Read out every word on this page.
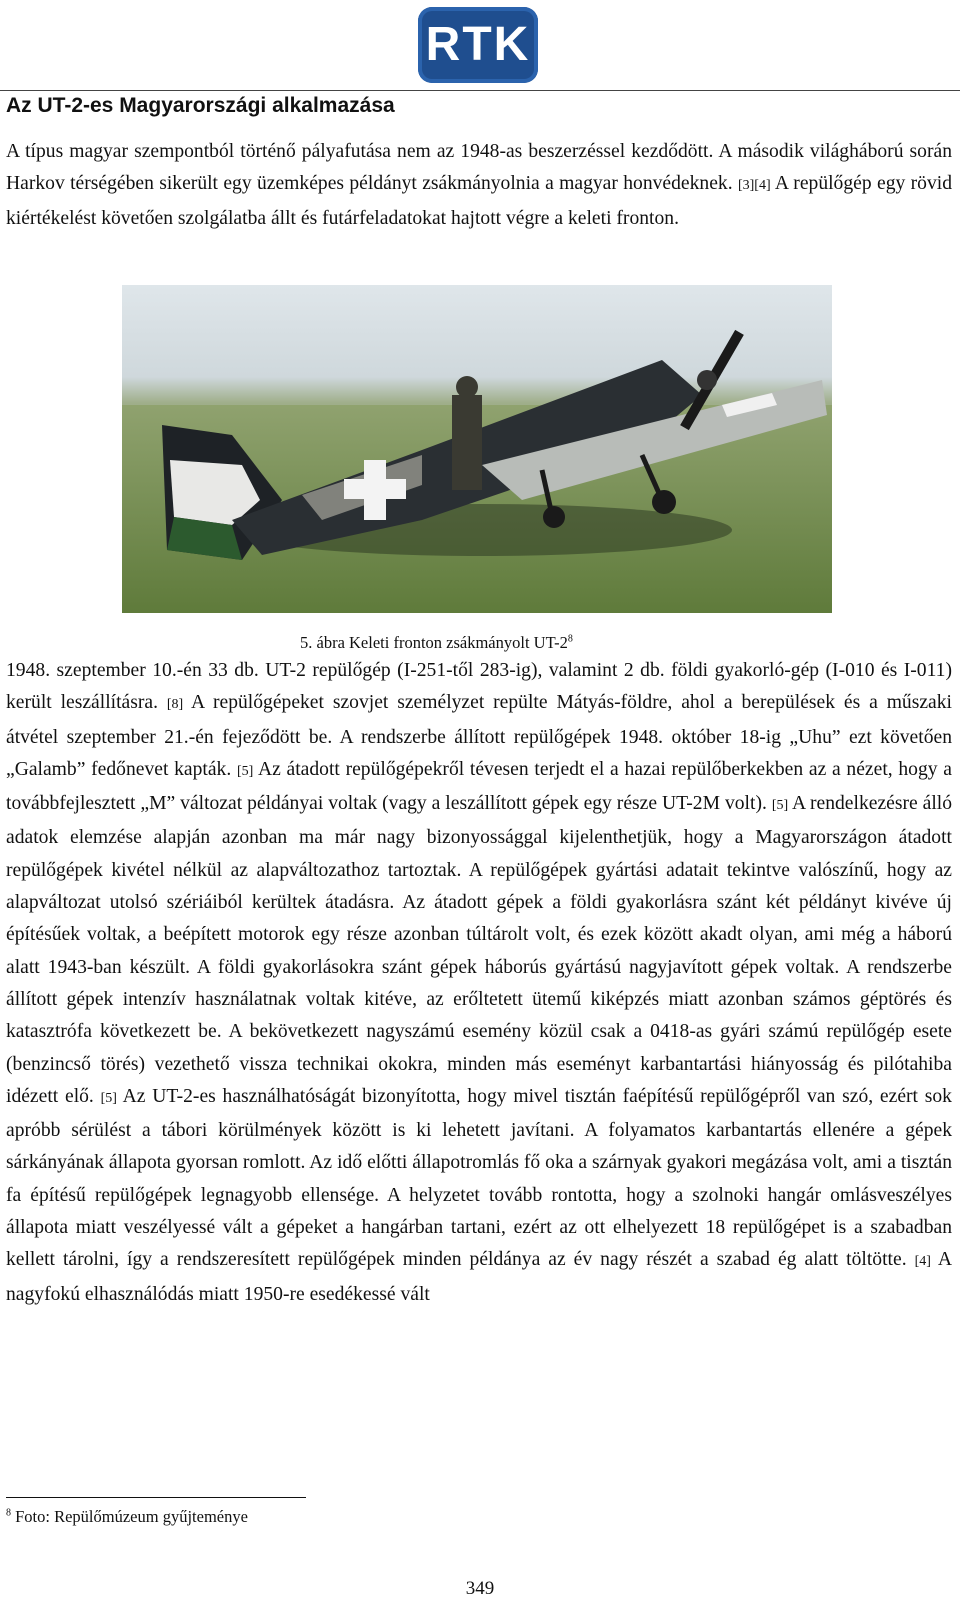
RTK
Az UT-2-es Magyarországi alkalmazása

A típus magyar szempontból történő pályafutása nem az 1948-as beszerzéssel kezdődött. A második világháború során Harkov térségében sikerült egy üzemképes példányt zsákmányolnia a magyar honvédeknek. [3][4] A repülőgép egy rövid kiértékelést követően szolgálatba állt és futárfeladatokat hajtott végre a keleti fronton.

5. ábra Keleti fronton zsákmányolt $UT-2^8$

1948. szeptember 10.-én 33 db. UT-2 repülőgép (I-251-től 283-ig), valamint 2 db. földi gyakorló-gép (I-010 és I-011) került leszállításra. [8] A repülőgépeket szovjet személyzet repülte Mátyás-földre, ahol a berepülések és a műszaki átvétel szeptember 21.-én fejeződött be. A rendszerbe állított repülőgépek 1948. október 18-ig „Uhu” ezt követően „Galamb” fedőnevet kapták. [5] Az átadott repülőgépekről tévesen terjedt el a hazai repülőberkekben az a nézet, hogy a továbbfejlesztett „M” változat példányai voltak (vagy a leszállított gépek egy része UT-2M volt). [5] A rendelkezésre álló adatok elemzése alapján azonban ma már nagy bizonyossággal kijelenthetjük, hogy a Magyarországon átadott repülőgépek kivétel nélkül az alapváltozathoz tartoztak. A repülőgépek gyártási adatait tekintve valószínű, hogy az alapváltozat utolsó szériáiból kerültek átadásra. Az átadott gépek a földi gyakorlásra szánt két példányt kivéve új építésűek voltak, a beépített motorok egy része azonban túltárolt volt, és ezek között akadt olyan, ami még a háború alatt 1943-ban készült. A földi gyakorlásokra szánt gépek háborús gyártású nagyjavított gépek voltak. A rendszerbe állított gépek intenzív használatnak voltak kitéve, az erőltetett ütemű kiképzés miatt azonban számos géptörés és katasztrófa következett be. A bekövetkezett nagyszámú esemény közül csak a 0418-as gyári számú repülőgép esete (benzincső törés) vezethető vissza technikai okokra, minden más eseményt karbantartási hiányosság és pilótahiba idézett elő. [5] Az UT-2-es használhatóságát bizonyította, hogy mivel tisztán faépítésű repülőgépről van szó, ezért sok apróbb sérülést a tábori körülmények között is ki lehetett javítani. A folyamatos karbantartás ellenére a gépek sárkányának állapota gyorsan romlott. Az idő előtti állapotromlás fő oka a szárnyak gyakori megázása volt, ami a tisztán fa építésű repülőgépek legnagyobb ellensége. A helyzetet tovább rontotta, hogy a szolnoki hangár omlásveszélyes állapota miatt veszélyessé vált a gépeket a hangárban tartani, ezért az ott elhelyezett 18 repülőgépet is a szabadban kellett tárolni, így a rendszeresített repülőgépek minden példánya az év nagy részét a szabad ég alatt töltötte. [4] A nagyfokú elhasználódás miatt 1950-re esedékessé vált

$^8$ Foto: Repülőmúzeum gyűjteménye

349
